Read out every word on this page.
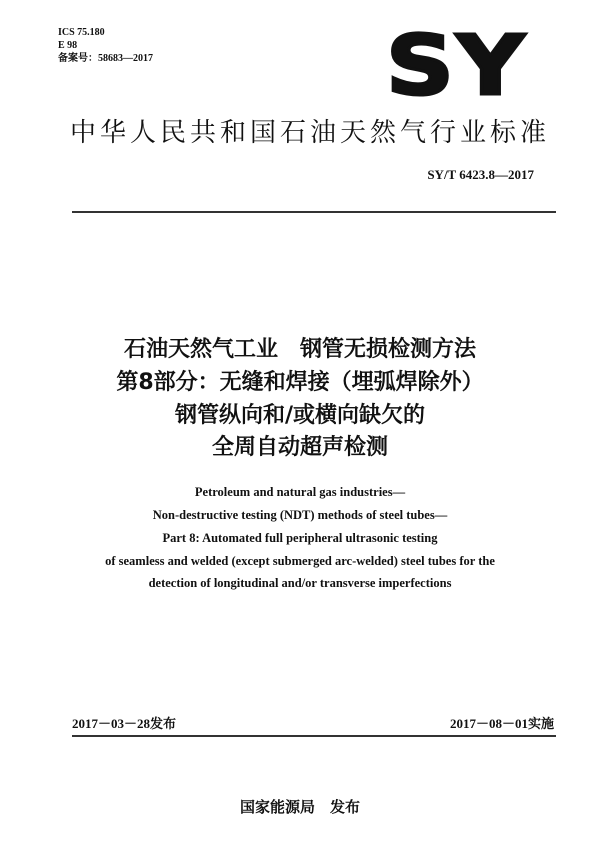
ICS 75.180
E 98
备案号：58683—2017	SY
中华人民共和国石油天然气行业标准
SY/T 6423.8—2017
石油天然气工业　钢管无损检测方法
第8部分：无缝和焊接（埋弧焊除外）
钢管纵向和/或横向缺欠的
全周自动超声检测
Petroleum and natural gas industries—
Non-destructive testing (NDT) methods of steel tubes—
Part 8: Automated full peripheral ultrasonic testing
of seamless and welded (except submerged arc-welded) steel tubes for the
detection of longitudinal and/or transverse imperfections
2017－03－28发布	2017－08－01实施
国家能源局　发布
